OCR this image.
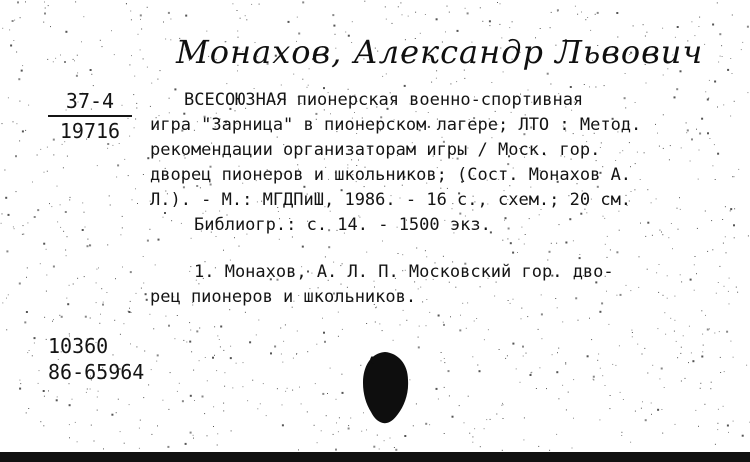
Монахов, Александр Львович
37-4
19716
ВСЕСОЮЗНАЯ пионерская военно-спортивная
игра "Зарница" в пионерском лагере; ЛТО : Метод.
рекомендации организаторам игры / Моск. гор.
дворец пионеров и школьников; (Сост. Монахов А.
Л.). - М.: МГДПиШ, 1986. - 16 с., схем.; 20 см.
Библиогр.: с. 14. - 1500 экз.
1. Монахов, А. Л. П. Московский гор. дво-
рец пионеров и школьников.
10360
86-65964
